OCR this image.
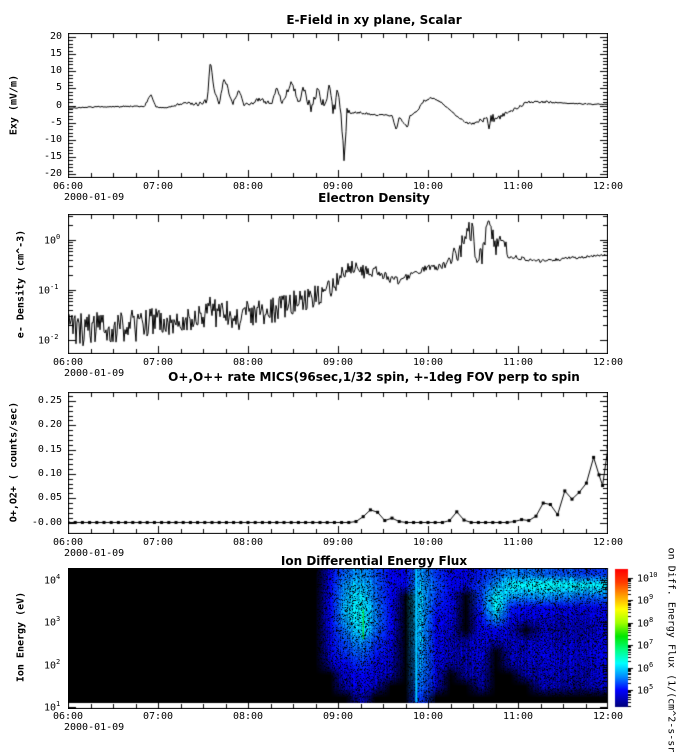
E-Field in xy plane, Scalar
Electron Density
O+,O++ rate MICS(96sec,1/32 spin, +-1deg FOV perp to spin
Ion Differential Energy Flux
Exy (mV/m)
e- Density (cm^-3)
O+,O2+ ( counts/sec)
Ion Energy (eV)	on Diff. Energy Flux (1/(cm^2-s-sr
06:00	07:00	08:00	09:00	10:00	11:00	12:00
2000-01-09
06:00	07:00	08:00	09:00	10:00	11:00	12:00
2000-01-09
06:00	07:00	08:00	09:00	10:00	11:00	12:00
2000-01-09
06:00	07:00	08:00	09:00	10:00	11:00	12:00
2000-01-09
20
15
10
5
0
-5
-10
-15
-20
$10^0$
$10^{-1}$
$10^{-2}$
-0.00
0.05
0.10
0.15
0.20
0.25
$10^4$
$10^3$
$10^2$
$10^1$
$10^{10}$
$10^9$
$10^8$
$10^7$
$10^6$
$10^5$
